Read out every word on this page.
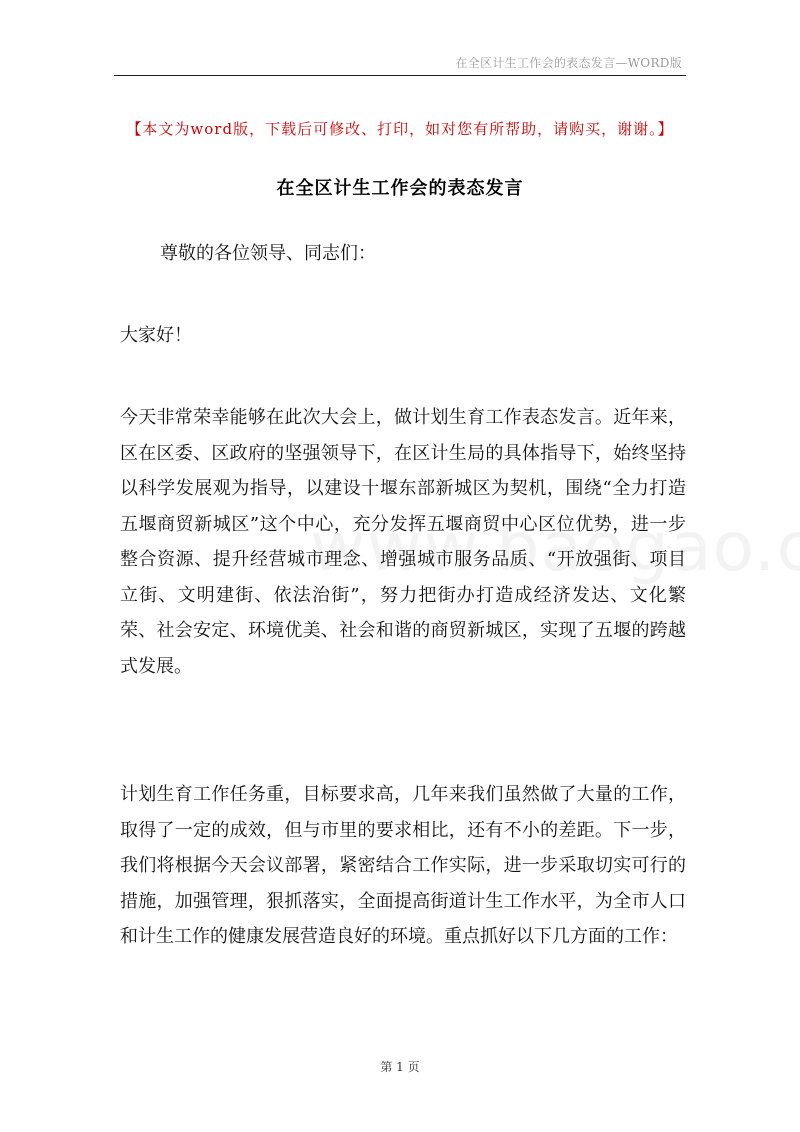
在全区计生工作会的表态发言—WORD版
【本文为word版，下载后可修改、打印，如对您有所帮助，请购买，谢谢。】
在全区计生工作会的表态发言

尊敬的各位领导、同志们：

大家好！

今天非常荣幸能够在此次大会上，做计划生育工作表态发言。近年来，区在区委、区政府的坚强领导下，在区计生局的具体指导下，始终坚持以科学发展观为指导，以建设十堰东部新城区为契机，围绕“全力打造五堰商贸新城区”这个中心，充分发挥五堰商贸中心区位优势，进一步整合资源、提升经营城市理念、增强城市服务品质、“开放强街、项目立街、文明建街、依法治街”，努力把街办打造成经济发达、文化繁荣、社会安定、环境优美、社会和谐的商贸新城区，实现了五堰的跨越式发展。

计划生育工作任务重，目标要求高，几年来我们虽然做了大量的工作，取得了一定的成效，但与市里的要求相比，还有不小的差距。下一步，我们将根据今天会议部署，紧密结合工作实际，进一步采取切实可行的措施，加强管理，狠抓落实，全面提高街道计生工作水平，为全市人口和计生工作的健康发展营造良好的环境。重点抓好以下几方面的工作：

第 1 页
